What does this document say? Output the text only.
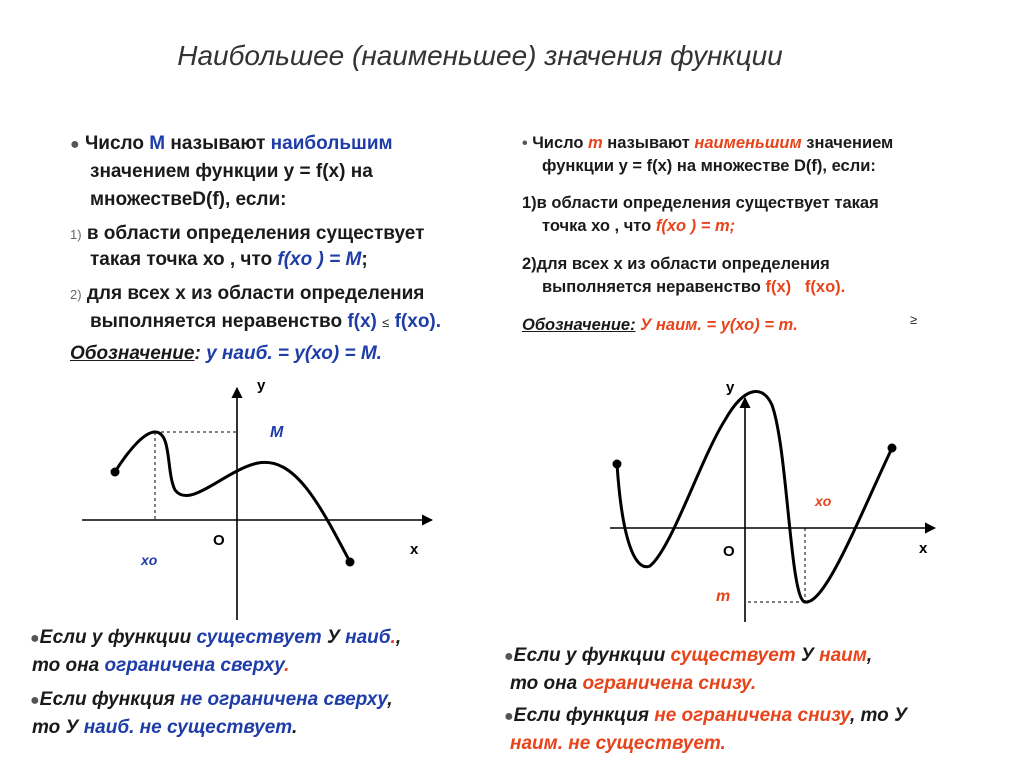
Наибольшее (наименьшее) значения функции
● Число М называют наибольшим
значением функции у = f(x) на
множествеD(f), если:
1) в области определения существует
такая точка хо , что f(xo ) = M;
2) для всех х из области определения
выполняется неравенство f(x) ≤ f(xo).
Обозначение: у наиб. = у(хо) = М.
• Число m называют наименьшим значением
функции у = f(x) на множестве D(f), если:
1)в области определения существует такая
точка хо , что f(xo ) = m;
2)для всех х из области определения
выполняется неравенство f(x) f(xo).
Обозначение: У наим. = у(хо) = m.	≥
y
x
O
M
xo
y
x
O
m
xo
●Если у функции существует У наиб.,
то она ограничена сверху.
●Если функция не ограничена сверху,
то У наиб. не существует.
●Если у функции существует У наим,
то она ограничена снизу.
●Если функция не ограничена снизу, то У
наим. не существует.
